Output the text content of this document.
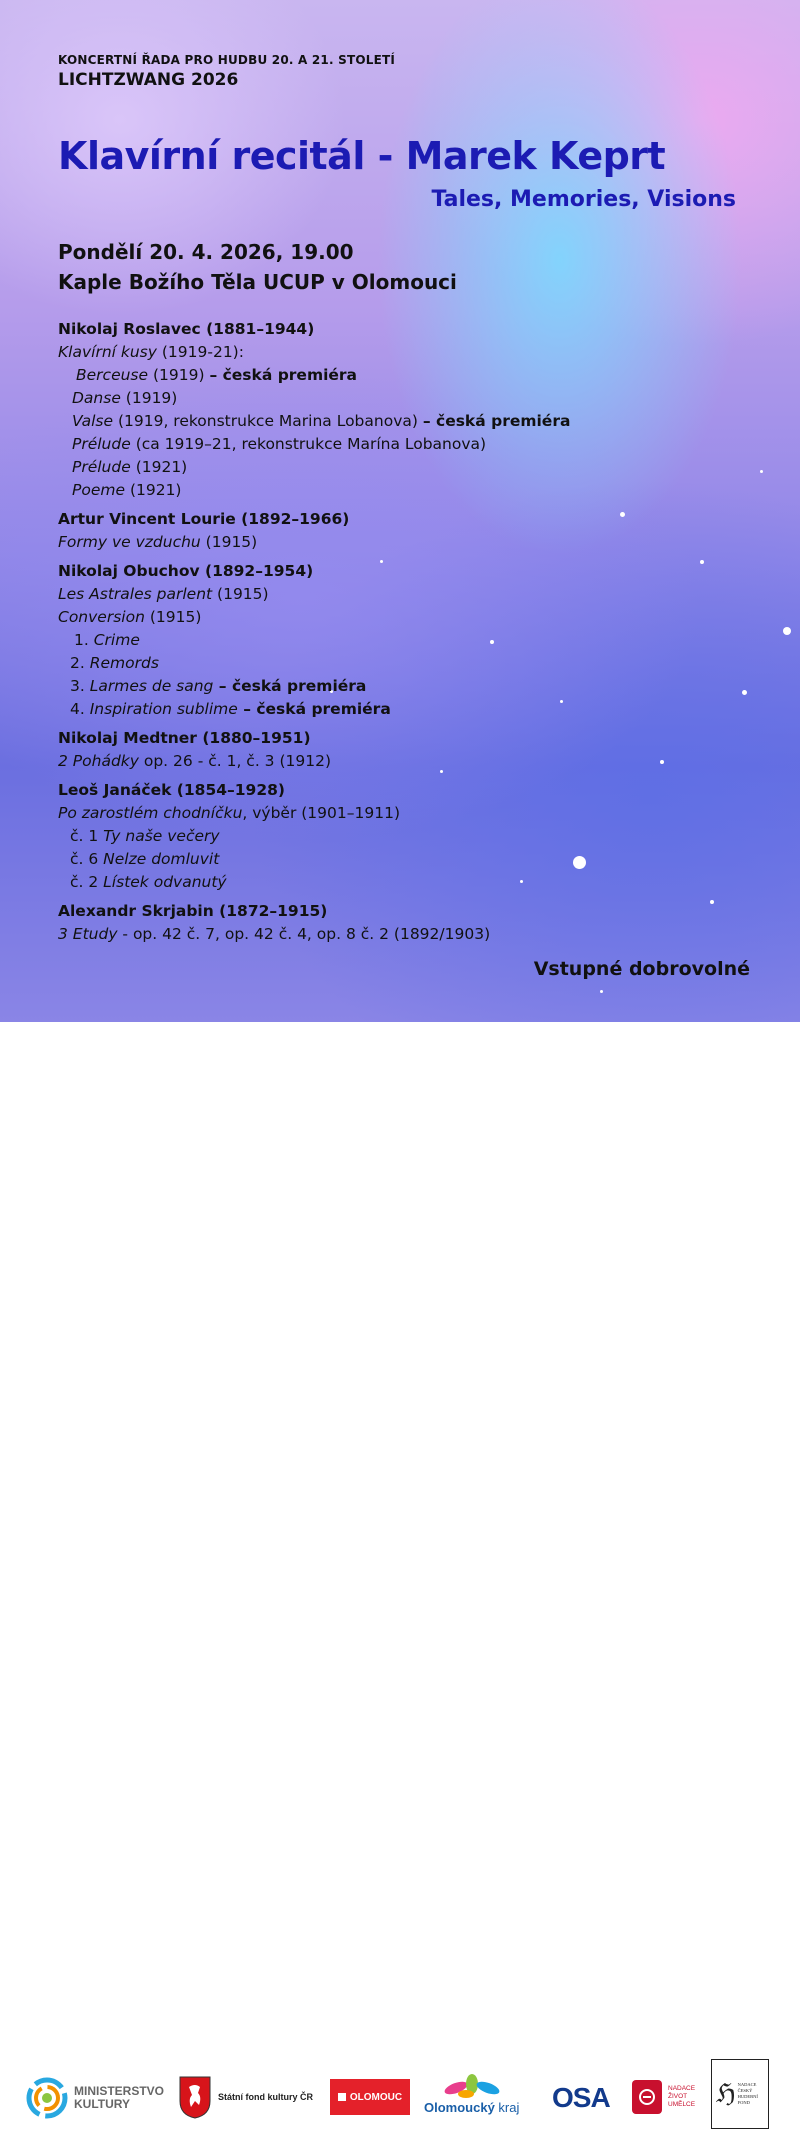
KONCERTNÍ ŘADA PRO HUDBU 20. A 21. STOLETÍ
LICHTZWANG 2026
Klavírní recitál - Marek Keprt
Tales, Memories, Visions
Pondělí 20. 4. 2026, 19.00
Kaple Božího Těla UCUP v Olomouci
Nikolaj Roslavec (1881–1944)
Klavírní kusy (1919-21):
Berceuse (1919) – česká premiéra
Danse (1919)
Valse (1919, rekonstrukce Marina Lobanova) – česká premiéra
Prélude (ca 1919–21, rekonstrukce Marína Lobanova)
Prélude (1921)
Poeme (1921)
Artur Vincent Lourie (1892–1966)
Formy ve vzduchu (1915)
Nikolaj Obuchov (1892–1954)
Les Astrales parlent (1915)
Conversion (1915)
1. Crime
2. Remords
3. Larmes de sang – česká premiéra
4. Inspiration sublime – česká premiéra
Nikolaj Medtner (1880–1951)
2 Pohádky op. 26 - č. 1, č. 3 (1912)
Leoš Janáček (1854–1928)
Po zarostlém chodníčku, výběr (1901–1911)
č. 1 Ty naše večery
č. 6 Nelze domluvit
č. 2 Lístek odvanutý
Alexandr Skrjabin (1872–1915)
3 Etudy - op. 42 č. 7, op. 42 č. 4, op. 8 č. 2 (1892/1903)
Vstupné dobrovolné
MINISTERSTVO
KULTURY	Státní fond kultury ČR	OLOMOUC
Olomoucký kraj OSA	NADACE
ŽIVOT
UMĚLCE ℌ NADACE
ČESKÝ
HUDEBNÍ
FOND
